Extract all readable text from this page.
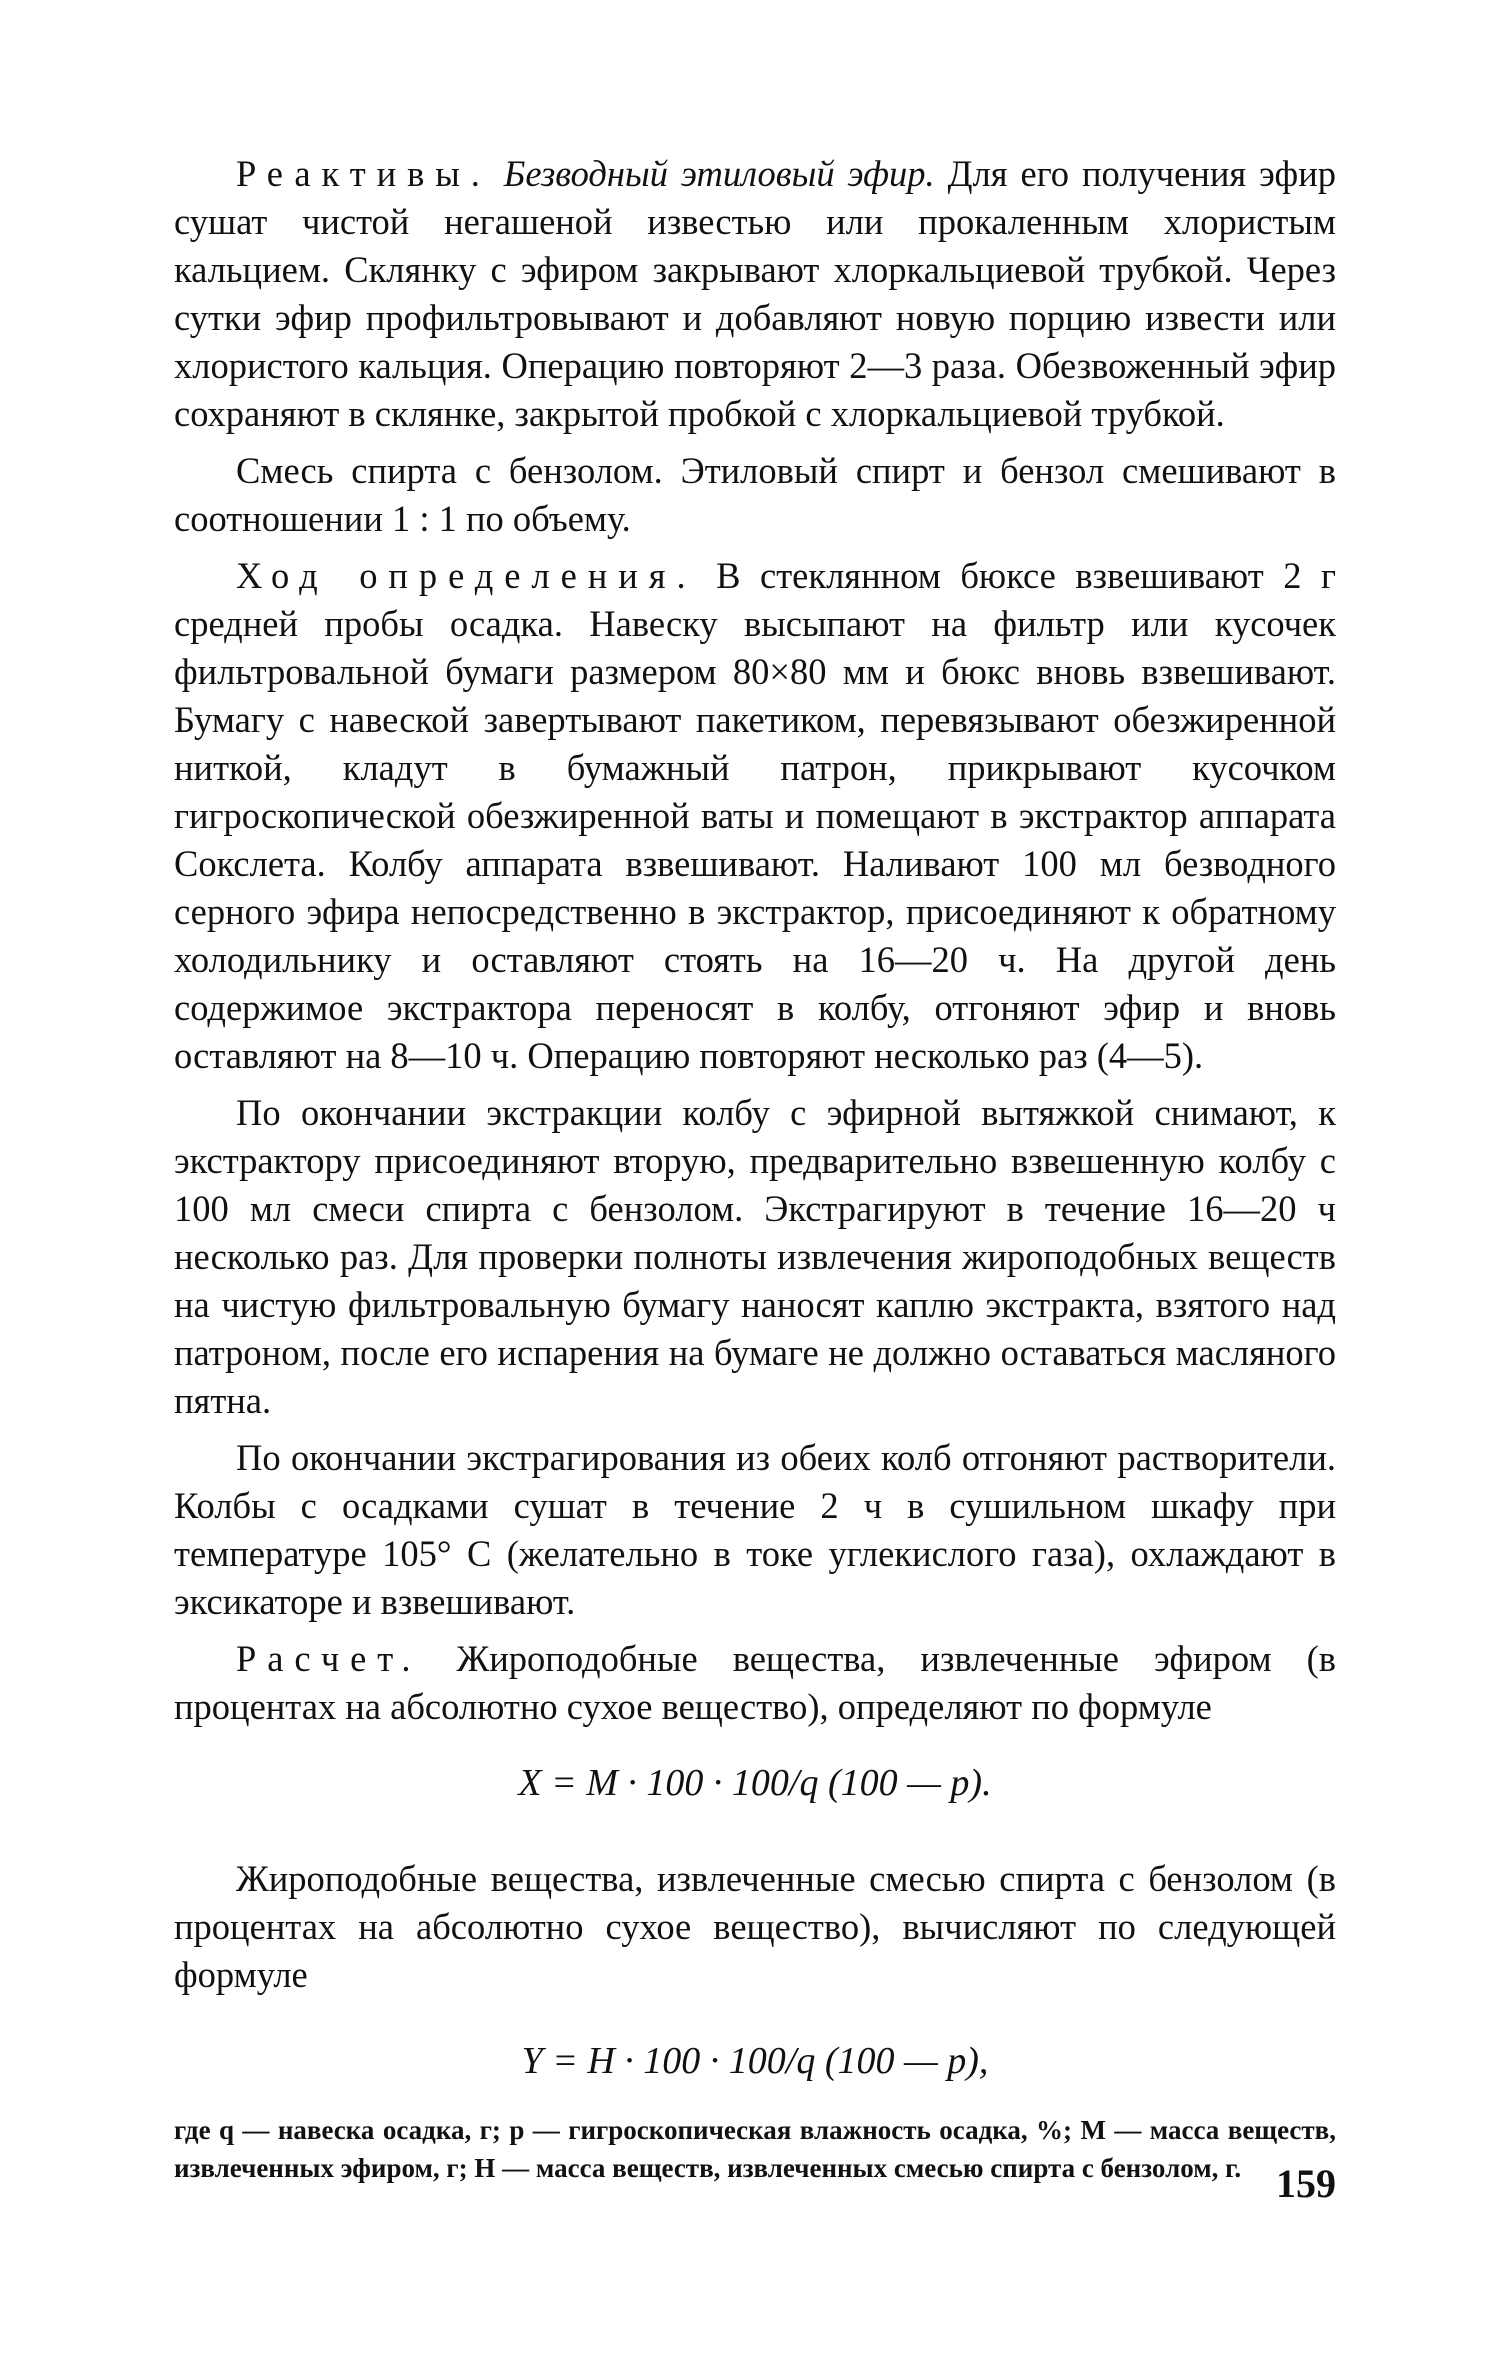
Реактивы. Безводный этиловый эфир. Для его получения эфир сушат чистой негашеной известью или прокаленным хлористым кальцием. Склянку с эфиром закрывают хлоркальциевой трубкой. Через сутки эфир профильтровывают и добавляют новую порцию извести или хлористого кальция. Операцию повторяют 2—3 раза. Обезвоженный эфир сохраняют в склянке, закрытой пробкой с хлоркальциевой трубкой.

Смесь спирта с бензолом. Этиловый спирт и бензол смешивают в соотношении 1 : 1 по объему.

Ход определения. В стеклянном бюксе взвешивают 2 г средней пробы осадка. Навеску высыпают на фильтр или кусочек фильтровальной бумаги размером 80×80 мм и бюкс вновь взвешивают. Бумагу с навеской завертывают пакетиком, перевязывают обезжиренной ниткой, кладут в бумажный патрон, прикрывают кусочком гигроскопической обезжиренной ваты и помещают в экстрактор аппарата Сокслета. Колбу аппарата взвешивают. Наливают 100 мл безводного серного эфира непосредственно в экстрактор, присоединяют к обратному холодильнику и оставляют стоять на 16—20 ч. На другой день содержимое экстрактора переносят в колбу, отгоняют эфир и вновь оставляют на 8—10 ч. Операцию повторяют несколько раз (4—5).

По окончании экстракции колбу с эфирной вытяжкой снимают, к экстрактору присоединяют вторую, предварительно взвешенную колбу с 100 мл смеси спирта с бензолом. Экстрагируют в течение 16—20 ч несколько раз. Для проверки полноты извлечения жироподобных веществ на чистую фильтровальную бумагу наносят каплю экстракта, взятого над патроном, после его испарения на бумаге не должно оставаться масляного пятна.

По окончании экстрагирования из обеих колб отгоняют растворители. Колбы с осадками сушат в течение 2 ч в сушильном шкафу при температуре 105° С (желательно в токе углекислого газа), охлаждают в эксикаторе и взвешивают.

Расчет. Жироподобные вещества, извлеченные эфиром (в процентах на абсолютно сухое вещество), определяют по формуле

X = M · 100 · 100/q (100 — p).

Жироподобные вещества, извлеченные смесью спирта с бензолом (в процентах на абсолютно сухое вещество), вычисляют по следующей формуле

Y = H · 100 · 100/q (100 — p),

где q — навеска осадка, г; p — гигроскопическая влажность осадка, %; M — масса веществ, извлеченных эфиром, г; H — масса веществ, извлеченных смесью спирта с бензолом, г. 159
